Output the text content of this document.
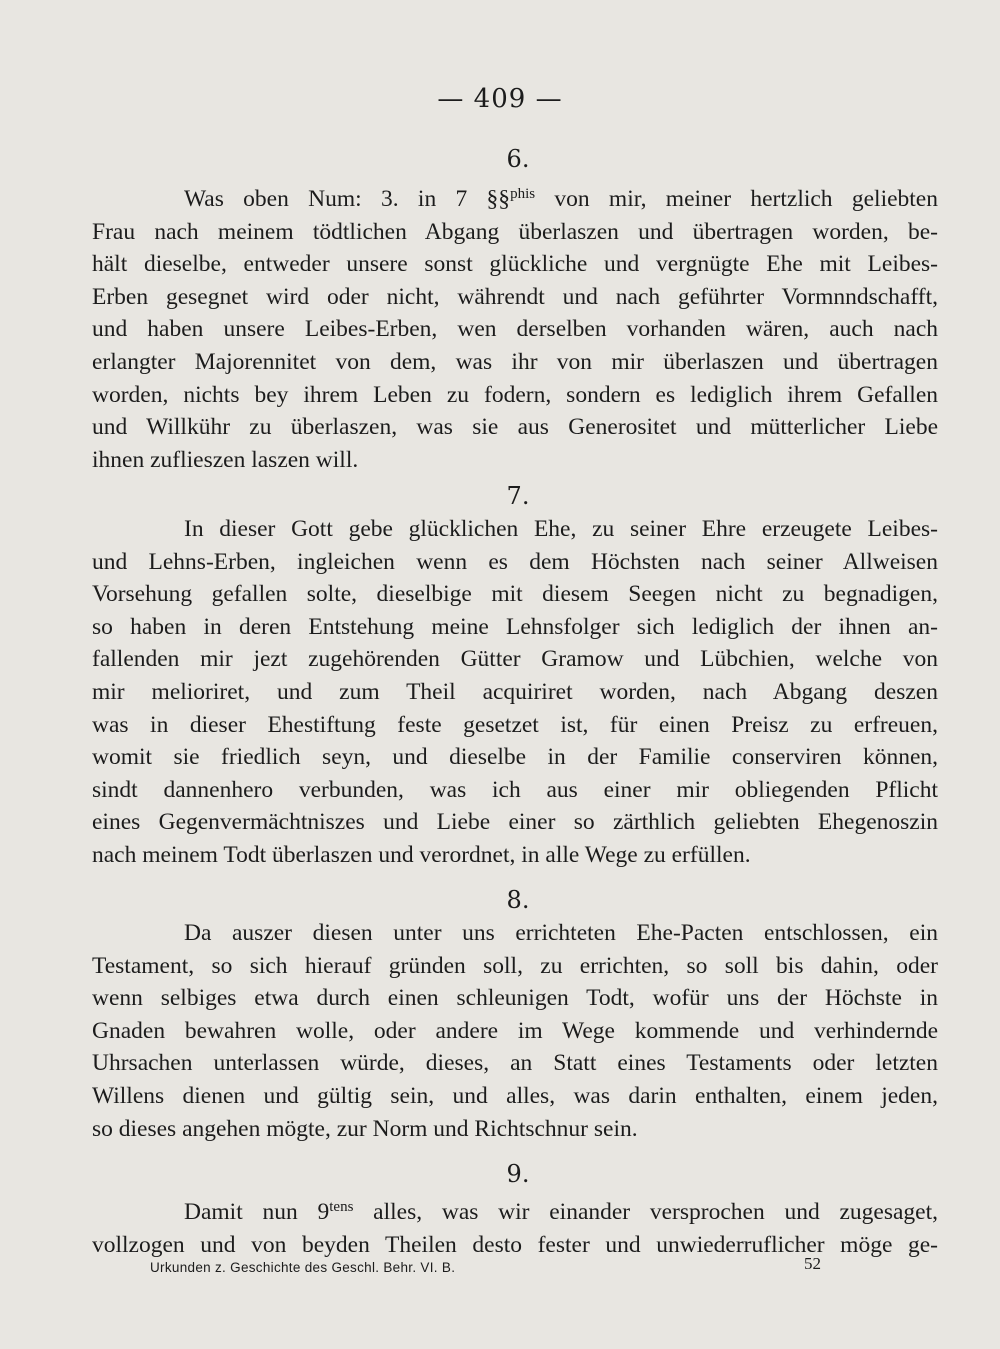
— 409 —
6.
Was oben Num: 3. in 7 §§$^{phis}$ von mir, meiner hertzlich geliebten
Frau nach meinem tödtlichen Abgang überlaszen und übertragen worden, be-
hält dieselbe, entweder unsere sonst glückliche und vergnügte Ehe mit Leibes-
Erben gesegnet wird oder nicht, währendt und nach geführter Vormnndschafft,
und haben unsere Leibes-Erben, wen derselben vorhanden wären, auch nach
erlangter Majorennitet von dem, was ihr von mir überlaszen und übertragen
worden, nichts bey ihrem Leben zu fodern, sondern es lediglich ihrem Gefallen
und Willkühr zu überlaszen, was sie aus Generositet und mütterlicher Liebe
ihnen zuflieszen laszen will.
7.
In dieser Gott gebe glücklichen Ehe, zu seiner Ehre erzeugete Leibes-
und Lehns-Erben, ingleichen wenn es dem Höchsten nach seiner Allweisen
Vorsehung gefallen solte, dieselbige mit diesem Seegen nicht zu begnadigen,
so haben in deren Entstehung meine Lehnsfolger sich lediglich der ihnen an-
fallenden mir jezt zugehörenden Gütter Gramow und Lübchien, welche von
mir melioriret, und zum Theil acquiriret worden, nach Abgang deszen
was in dieser Ehestiftung feste gesetzet ist, für einen Preisz zu erfreuen,
womit sie friedlich seyn, und dieselbe in der Familie conserviren können,
sindt dannenhero verbunden, was ich aus einer mir obliegenden Pflicht
eines Gegenvermächtniszes und Liebe einer so zärthlich geliebten Ehegenoszin
nach meinem Todt überlaszen und verordnet, in alle Wege zu erfüllen.
8.
Da auszer diesen unter uns errichteten Ehe-Pacten entschlossen, ein
Testament, so sich hierauf gründen soll, zu errichten, so soll bis dahin, oder
wenn selbiges etwa durch einen schleunigen Todt, wofür uns der Höchste in
Gnaden bewahren wolle, oder andere im Wege kommende und verhindernde
Uhrsachen unterlassen würde, dieses, an Statt eines Testaments oder letzten
Willens dienen und gültig sein, und alles, was darin enthalten, einem jeden,
so dieses angehen mögte, zur Norm und Richtschnur sein.
9.
Damit nun $9^{tens}$ alles, was wir einander versprochen und zugesaget,
vollzogen und von beyden Theilen desto fester und unwiederruflicher möge ge-
Urkunden z. Geschichte des Geschl. Behr. VI. B.	52
